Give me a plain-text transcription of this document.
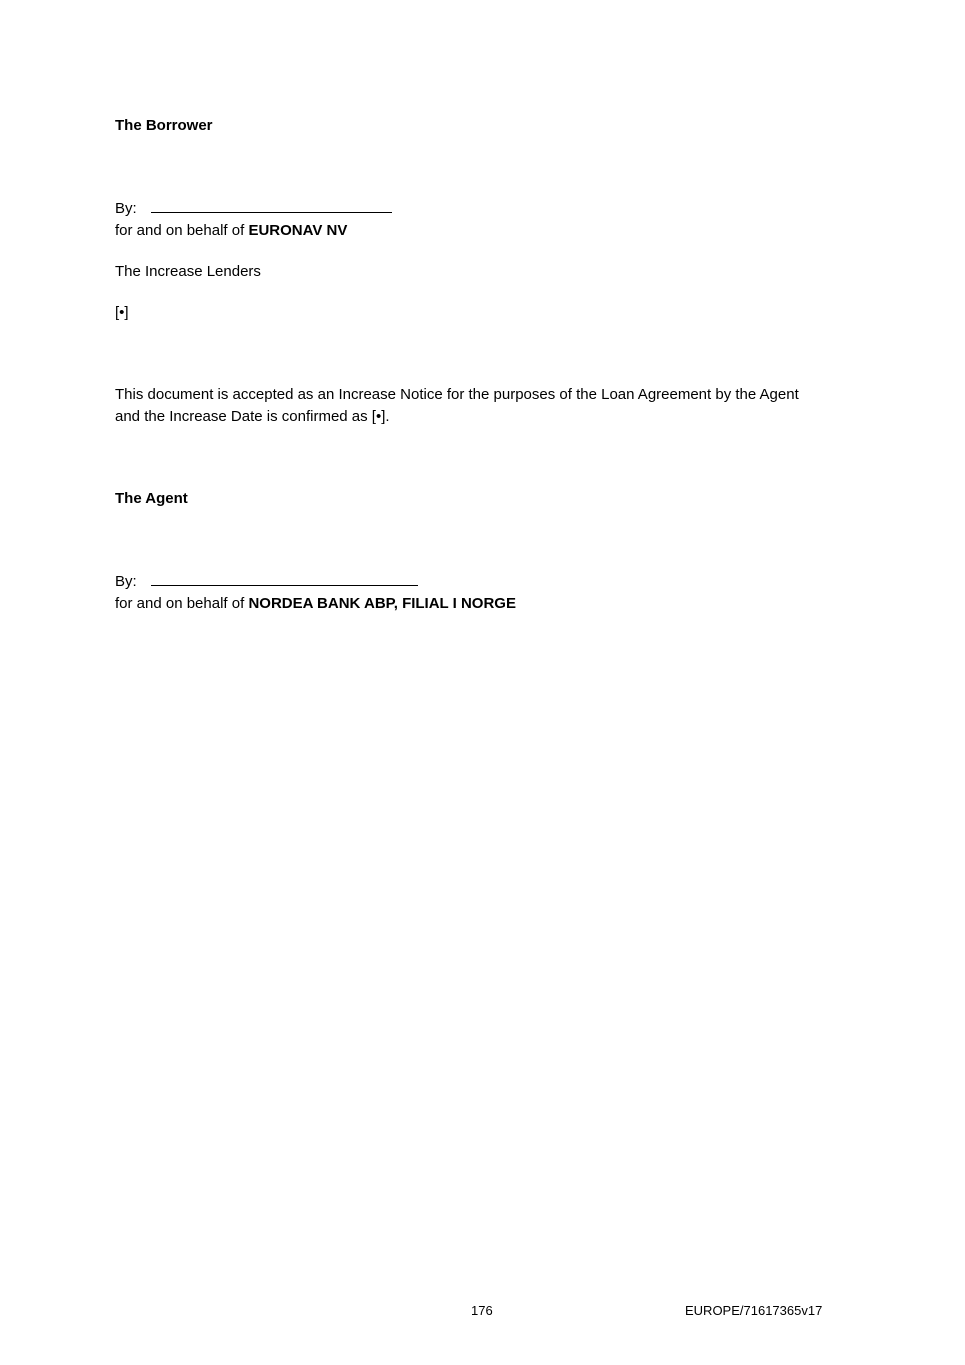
The Borrower
By:
for and on behalf of EURONAV NV
The Increase Lenders
[•]
This document is accepted as an Increase Notice for the purposes of the Loan Agreement by the Agent
and the Increase Date is confirmed as [•].
The Agent
By:
for and on behalf of NORDEA BANK ABP, FILIAL I NORGE
176	EUROPE/71617365v17
